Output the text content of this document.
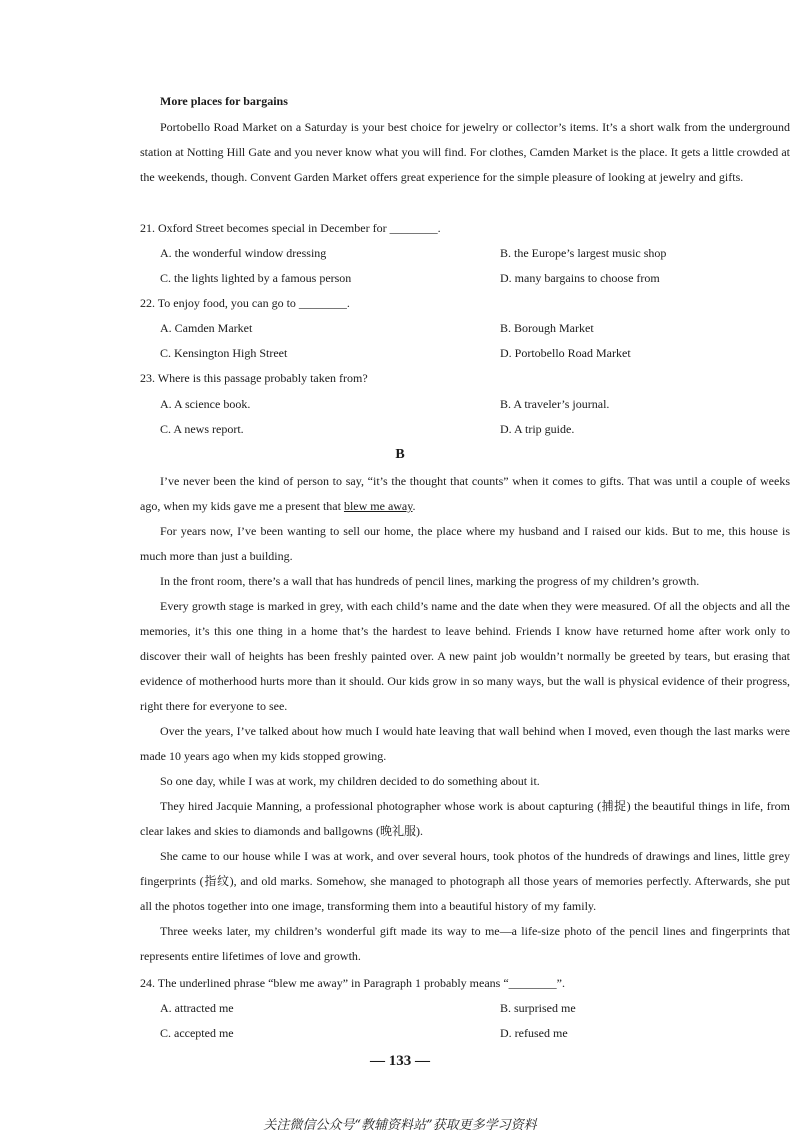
More places for bargains

Portobello Road Market on a Saturday is your best choice for jewelry or collector’s items. It’s a short walk from the underground station at Notting Hill Gate and you never know what you will find. For clothes, Camden Market is the place. It gets a little crowded at the weekends, though. Convent Garden Market offers great experience for the simple pleasure of looking at jewelry and gifts.

21. Oxford Street becomes special in December for ________.
A. the wonderful window dressing	B. the Europe’s largest music shop
C. the lights lighted by a famous person	D. many bargains to choose from
22. To enjoy food, you can go to ________.
A. Camden Market	B. Borough Market
C. Kensington High Street	D. Portobello Road Market
23. Where is this passage probably taken from?
A. A science book.	B. A traveler’s journal.
C. A news report.	D. A trip guide.
B

I’ve never been the kind of person to say, “it’s the thought that counts” when it comes to gifts. That was until a couple of weeks ago, when my kids gave me a present that blew me away.

For years now, I’ve been wanting to sell our home, the place where my husband and I raised our kids. But to me, this house is much more than just a building.

In the front room, there’s a wall that has hundreds of pencil lines, marking the progress of my children’s growth.

Every growth stage is marked in grey, with each child’s name and the date when they were measured. Of all the objects and all the memories, it’s this one thing in a home that’s the hardest to leave behind. Friends I know have returned home after work only to discover their wall of heights has been freshly painted over. A new paint job wouldn’t normally be greeted by tears, but erasing that evidence of motherhood hurts more than it should. Our kids grow in so many ways, but the wall is physical evidence of their progress, right there for everyone to see.

Over the years, I’ve talked about how much I would hate leaving that wall behind when I moved, even though the last marks were made 10 years ago when my kids stopped growing.

So one day, while I was at work, my children decided to do something about it.

They hired Jacquie Manning, a professional photographer whose work is about capturing (捕捉) the beautiful things in life, from clear lakes and skies to diamonds and ballgowns (晚礼服).

She came to our house while I was at work, and over several hours, took photos of the hundreds of drawings and lines, little grey fingerprints (指纹), and old marks. Somehow, she managed to photograph all those years of memories perfectly. Afterwards, she put all the photos together into one image, transforming them into a beautiful history of my family.

Three weeks later, my children’s wonderful gift made its way to me—a life-size photo of the pencil lines and fingerprints that represents entire lifetimes of love and growth.

24. The underlined phrase “blew me away” in Paragraph 1 probably means “________”.
A. attracted me	B. surprised me
C. accepted me	D. refused me
— 133 —
关注微信公众号“教辅资料站”获取更多学习资料
